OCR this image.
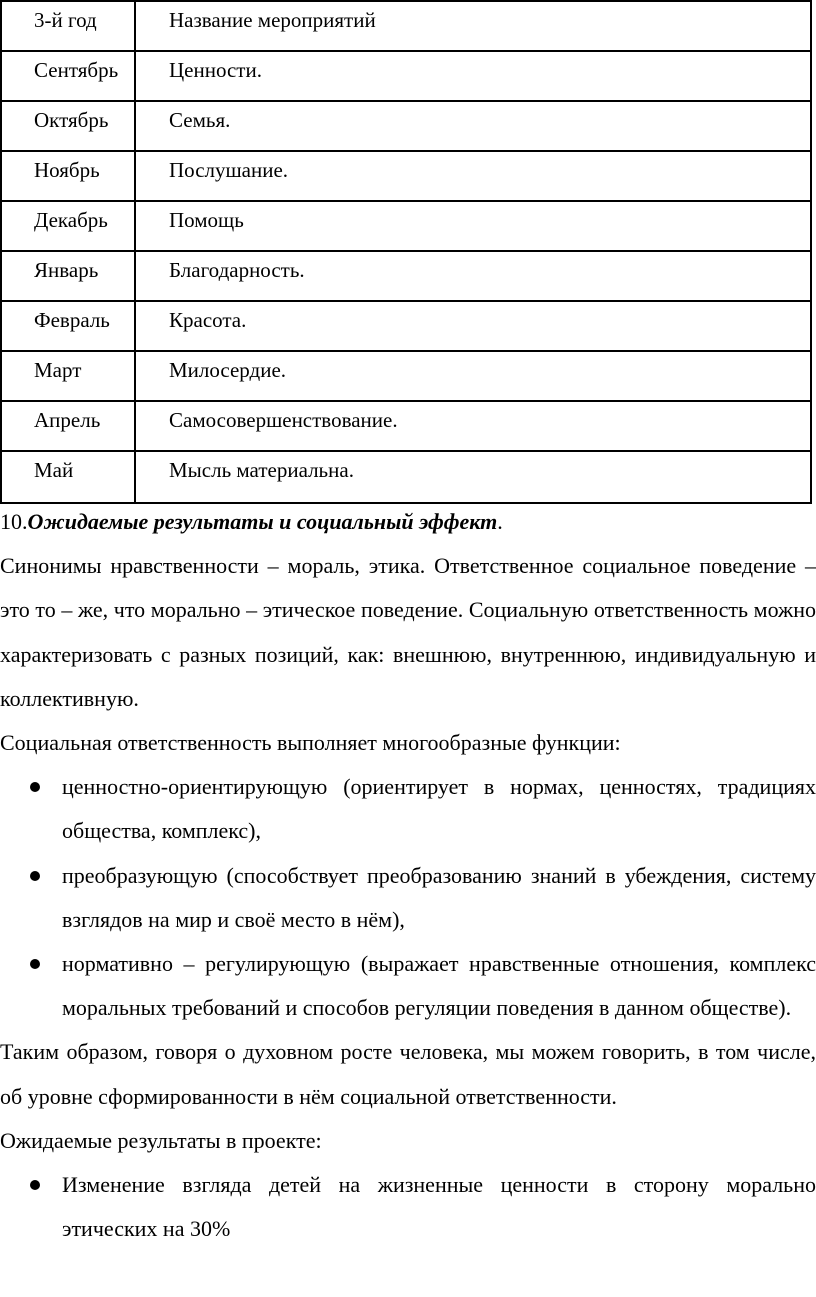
3-й год	Название мероприятий
Сентябрь	Ценности.
Октябрь	Семья.
Ноябрь	Послушание.
Декабрь	Помощь
Январь	Благодарность.
Февраль	Красота.
Март	Милосердие.
Апрель	Самосовершенствование.
Май	Мысль материальна.

10.Ожидаемые результаты и социальный эффект.

Синонимы нравственности – мораль, этика. Ответственное социальное поведение – это то – же, что морально – этическое поведение. Социальную ответственность можно характеризовать с разных позиций, как: внешнюю, внутреннюю, индивидуальную и коллективную.

Социальная ответственность выполняет многообразные функции:

ценностно-ориентирующую (ориентирует в нормах, ценностях, традициях общества, комплекс),
преобразующую (способствует преобразованию знаний в убеждения, систему взглядов на мир и своё место в нём),
нормативно – регулирующую (выражает нравственные отношения, комплекс моральных требований и способов регуляции поведения в данном обществе).

Таким образом, говоря о духовном росте человека, мы можем говорить, в том числе, об уровне сформированности в нём социальной ответственности.

Ожидаемые результаты в проекте:

Изменение взгляда детей на жизненные ценности в сторону морально этических на 30%
